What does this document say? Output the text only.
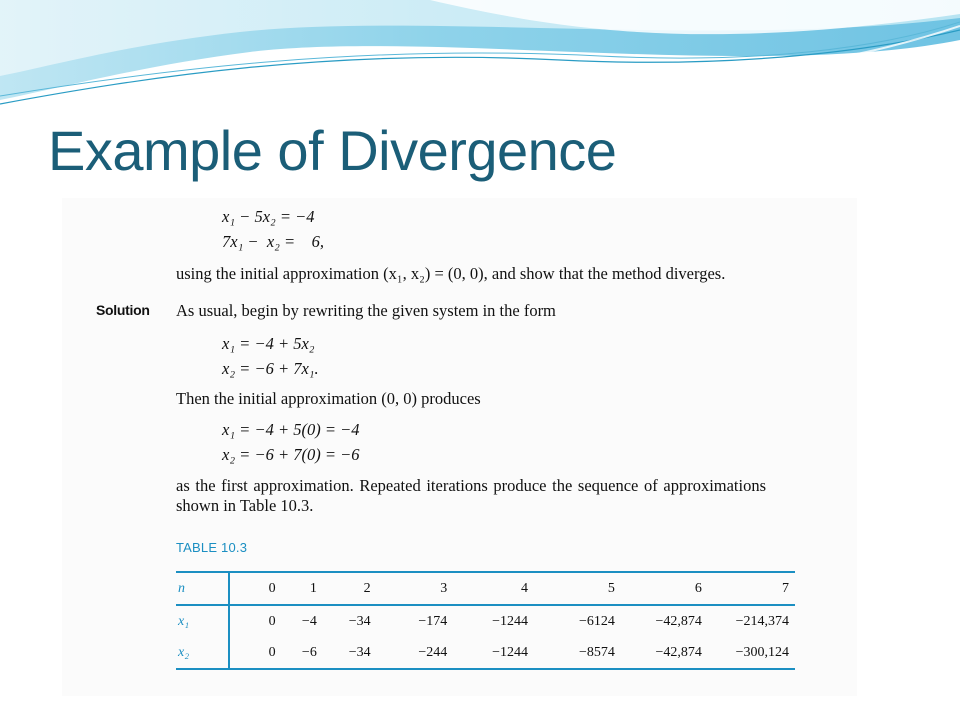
Example of Divergence
x₁ − 5x₂ = −4
7x₁ −  x₂ =    6,
using the initial approximation (x₁, x₂) = (0, 0), and show that the method diverges.
Solution As usual, begin by rewriting the given system in the form
x₁ = −4 + 5x₂
x₂ = −6 + 7x₁.
Then the initial approximation (0, 0) produces
x₁ = −4 + 5(0) = −4
x₂ = −6 + 7(0) = −6
as the first approximation. Repeated iterations produce the sequence of approximations
shown in Table 10.3.
TABLE 10.3
n	0	1	2	3	4	5	6	7
x₁	0	−4	−34	−174	−1244	−6124	−42,874	−214,374
x₂	0	−6	−34	−244	−1244	−8574	−42,874	−300,124
